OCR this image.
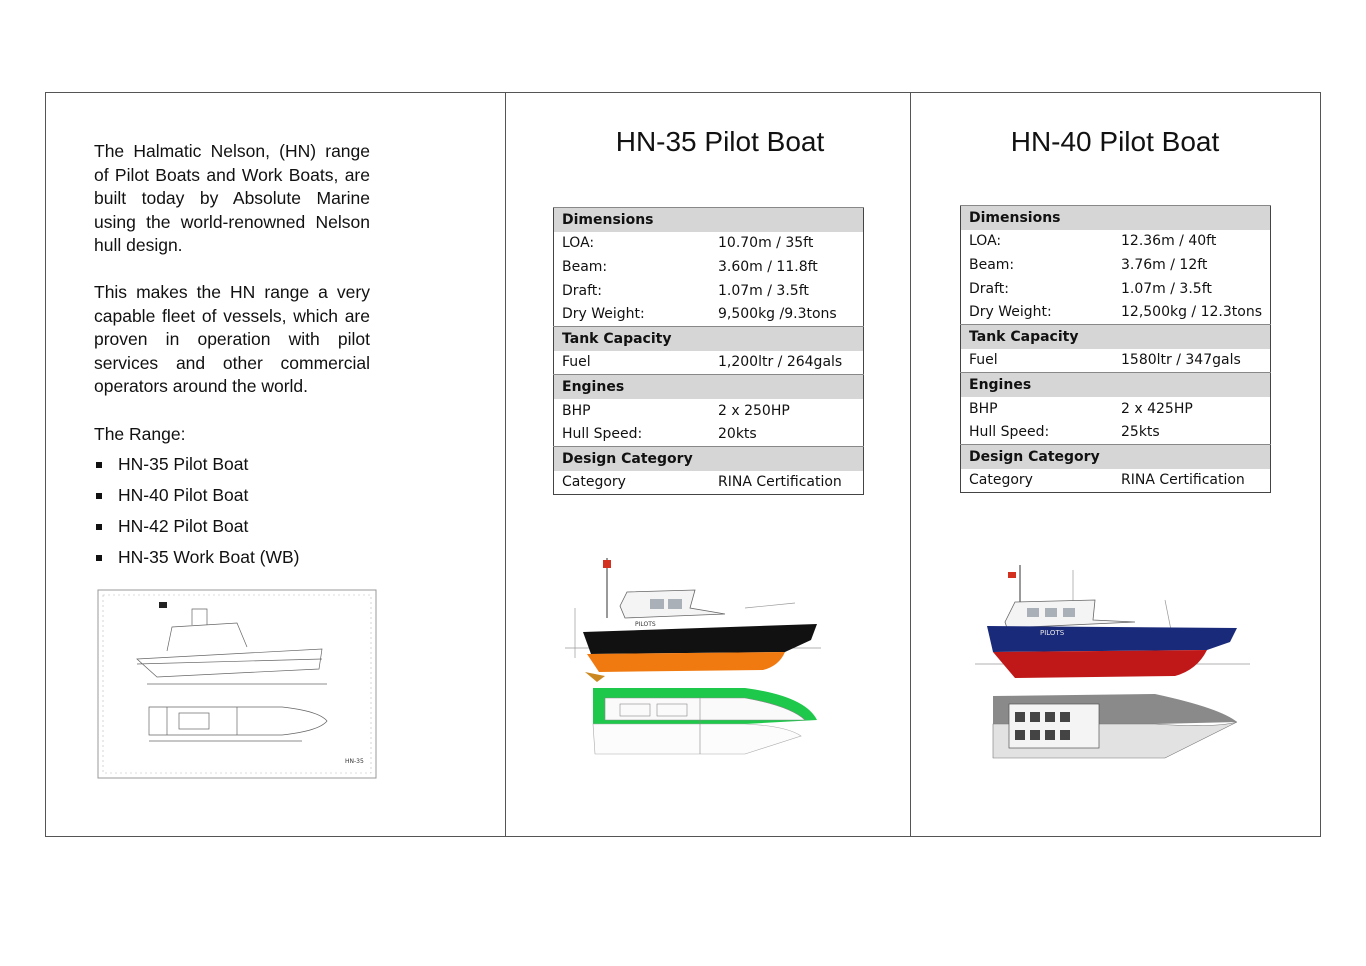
The Halmatic Nelson, (HN) range of Pilot Boats and Work Boats, are built today by Absolute Marine using the world-renowned Nelson hull design.

This makes the HN range a very capable fleet of vessels, which are proven in operation with pilot services and other commercial operators around the world.

The Range:
HN-35 Pilot Boat
HN-40 Pilot Boat
HN-42 Pilot Boat
HN-35 Work Boat (WB)
HN-35
HN-35 Pilot Boat
Dimensions	
LOA:	10.70m / 35ft
Beam:	3.60m / 11.8ft
Draft:	1.07m / 3.5ft
Dry Weight:	9,500kg /9.3tons
Tank Capacity	
Fuel	1,200ltr / 264gals
Engines	
BHP	2 x 250HP
Hull Speed:	20kts
Design Category	
Category	RINA Certification
PILOTS
HN-40 Pilot Boat
Dimensions	
LOA:	12.36m / 40ft
Beam:	3.76m / 12ft
Draft:	1.07m / 3.5ft
Dry Weight:	12,500kg / 12.3tons
Tank Capacity	
Fuel	1580ltr / 347gals
Engines	
BHP	2 x 425HP
Hull Speed:	25kts
Design Category	
Category	RINA Certification
PILOTS
